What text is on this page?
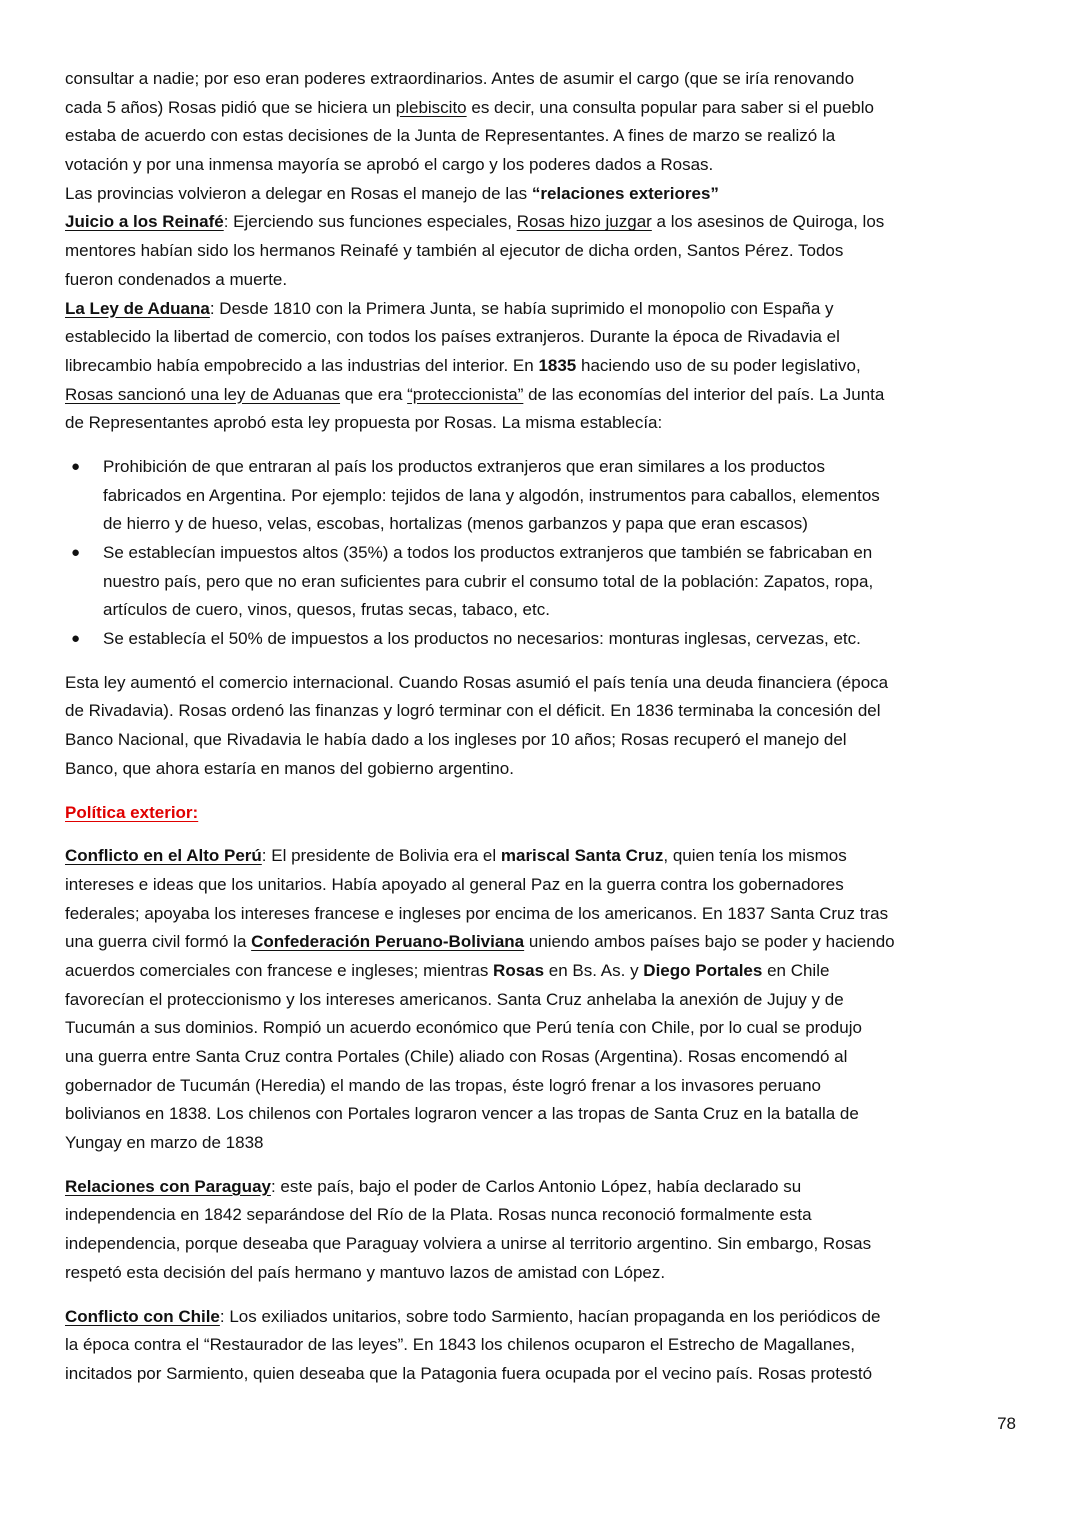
consultar a nadie; por eso eran poderes extraordinarios. Antes de asumir el cargo (que se iría renovando
cada 5 años) Rosas pidió que se hiciera un plebiscito es decir, una consulta popular para saber si el pueblo
estaba de acuerdo con estas decisiones de la Junta de Representantes. A fines de marzo se realizó la
votación y por una inmensa mayoría se aprobó el cargo y los poderes dados a Rosas.
Las provincias volvieron a delegar en Rosas el manejo de las “relaciones exteriores”
Juicio a los Reinafé: Ejerciendo sus funciones especiales, Rosas hizo juzgar a los asesinos de Quiroga, los
mentores habían sido los hermanos Reinafé y también al ejecutor de dicha orden, Santos Pérez. Todos
fueron condenados a muerte.
La Ley de Aduana: Desde 1810 con la Primera Junta, se había suprimido el monopolio con España y
establecido la libertad de comercio, con todos los países extranjeros. Durante la época de Rivadavia el
librecambio había empobrecido a las industrias del interior. En 1835 haciendo uso de su poder legislativo,
Rosas sancionó una ley de Aduanas que era “proteccionista” de las economías del interior del país. La Junta
de Representantes aprobó esta ley propuesta por Rosas. La misma establecía:
● Prohibición de que entraran al país los productos extranjeros que eran similares a los productos
fabricados en Argentina. Por ejemplo: tejidos de lana y algodón, instrumentos para caballos, elementos
de hierro y de hueso, velas, escobas, hortalizas (menos garbanzos y papa que eran escasos)
● Se establecían impuestos altos (35%) a todos los productos extranjeros que también se fabricaban en
nuestro país, pero que no eran suficientes para cubrir el consumo total de la población: Zapatos, ropa,
artículos de cuero, vinos, quesos, frutas secas, tabaco, etc.
● Se establecía el 50% de impuestos a los productos no necesarios: monturas inglesas, cervezas, etc.
Esta ley aumentó el comercio internacional. Cuando Rosas asumió el país tenía una deuda financiera (época
de Rivadavia). Rosas ordenó las finanzas y logró terminar con el déficit. En 1836 terminaba la concesión del
Banco Nacional, que Rivadavia le había dado a los ingleses por 10 años; Rosas recuperó el manejo del
Banco, que ahora estaría en manos del gobierno argentino.
Política exterior:
Conflicto en el Alto Perú: El presidente de Bolivia era el mariscal Santa Cruz, quien tenía los mismos
intereses e ideas que los unitarios. Había apoyado al general Paz en la guerra contra los gobernadores
federales; apoyaba los intereses francese e ingleses por encima de los americanos. En 1837 Santa Cruz tras
una guerra civil formó la Confederación Peruano-Boliviana uniendo ambos países bajo se poder y haciendo
acuerdos comerciales con francese e ingleses; mientras Rosas en Bs. As. y Diego Portales en Chile
favorecían el proteccionismo y los intereses americanos. Santa Cruz anhelaba la anexión de Jujuy y de
Tucumán a sus dominios. Rompió un acuerdo económico que Perú tenía con Chile, por lo cual se produjo
una guerra entre Santa Cruz contra Portales (Chile) aliado con Rosas (Argentina). Rosas encomendó al
gobernador de Tucumán (Heredia) el mando de las tropas, éste logró frenar a los invasores peruano
bolivianos en 1838. Los chilenos con Portales lograron vencer a las tropas de Santa Cruz en la batalla de
Yungay en marzo de 1838
Relaciones con Paraguay: este país, bajo el poder de Carlos Antonio López, había declarado su
independencia en 1842 separándose del Río de la Plata. Rosas nunca reconoció formalmente esta
independencia, porque deseaba que Paraguay volviera a unirse al territorio argentino. Sin embargo, Rosas
respetó esta decisión del país hermano y mantuvo lazos de amistad con López.
Conflicto con Chile: Los exiliados unitarios, sobre todo Sarmiento, hacían propaganda en los periódicos de
la época contra el “Restaurador de las leyes”. En 1843 los chilenos ocuparon el Estrecho de Magallanes,
incitados por Sarmiento, quien deseaba que la Patagonia fuera ocupada por el vecino país. Rosas protestó
78
